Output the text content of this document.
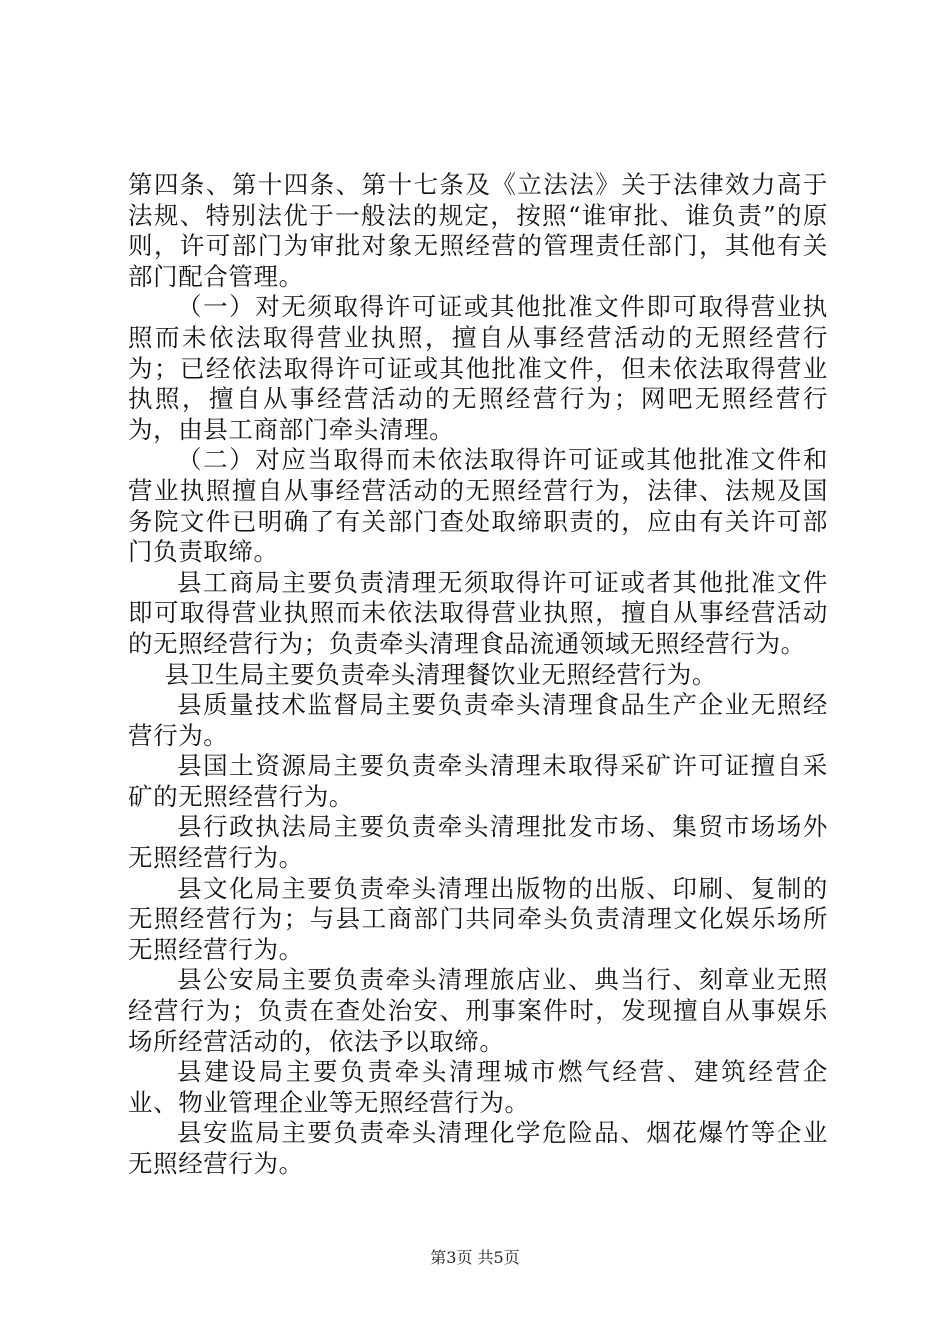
第四条、第十四条、第十七条及《立法法》关于法律效力高于法规、特别法优于一般法的规定，按照“谁审批、谁负责”的原则，许可部门为审批对象无照经营的管理责任部门，其他有关部门配合管理。

（一）对无须取得许可证或其他批准文件即可取得营业执照而未依法取得营业执照，擅自从事经营活动的无照经营行为；已经依法取得许可证或其他批准文件，但未依法取得营业执照，擅自从事经营活动的无照经营行为；网吧无照经营行为，由县工商部门牵头清理。

（二）对应当取得而未依法取得许可证或其他批准文件和营业执照擅自从事经营活动的无照经营行为，法律、法规及国务院文件已明确了有关部门查处取缔职责的，应由有关许可部门负责取缔。

县工商局主要负责清理无须取得许可证或者其他批准文件即可取得营业执照而未依法取得营业执照，擅自从事经营活动的无照经营行为；负责牵头清理食品流通领域无照经营行为。

县卫生局主要负责牵头清理餐饮业无照经营行为。

县质量技术监督局主要负责牵头清理食品生产企业无照经营行为。

县国土资源局主要负责牵头清理未取得采矿许可证擅自采矿的无照经营行为。

县行政执法局主要负责牵头清理批发市场、集贸市场场外无照经营行为。

县文化局主要负责牵头清理出版物的出版、印刷、复制的无照经营行为；与县工商部门共同牵头负责清理文化娱乐场所无照经营行为。

县公安局主要负责牵头清理旅店业、典当行、刻章业无照经营行为；负责在查处治安、刑事案件时，发现擅自从事娱乐场所经营活动的，依法予以取缔。

县建设局主要负责牵头清理城市燃气经营、建筑经营企业、物业管理企业等无照经营行为。

县安监局主要负责牵头清理化学危险品、烟花爆竹等企业无照经营行为。

第3页 共5页
